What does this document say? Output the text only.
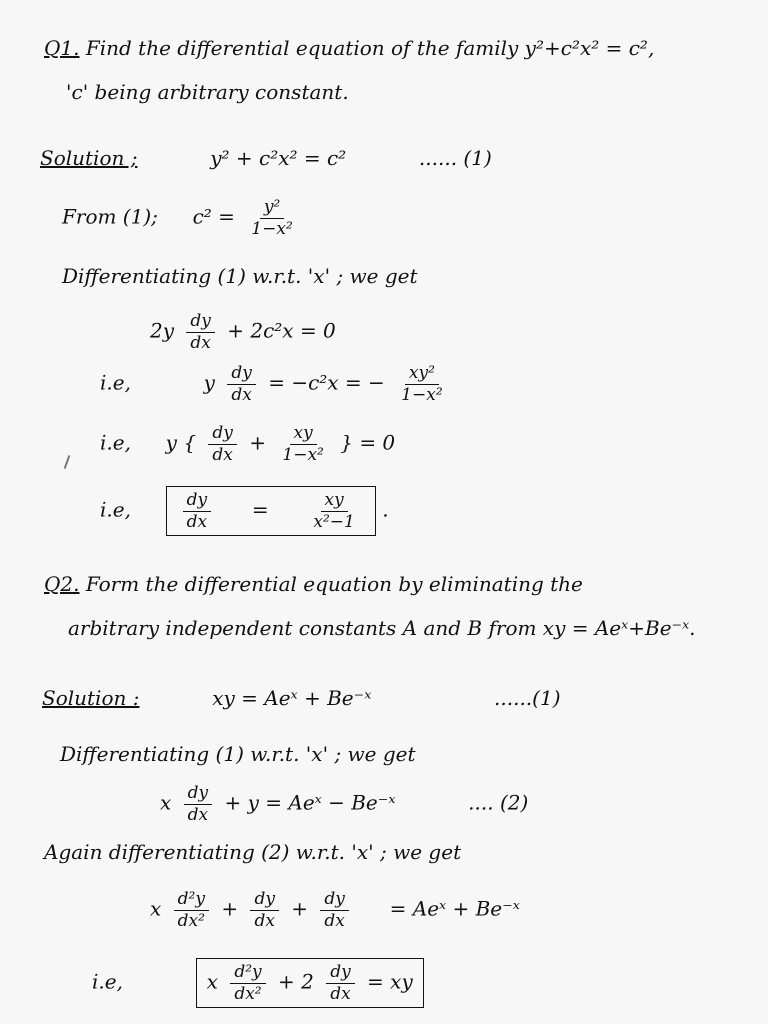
Q1. Find the differential equation of the family y²+c²x² = c²,
'c' being arbitrary constant.
Solution ;	y² + c²x² = c²	...... (1)
From (1); $c^2 = \frac{\text{y²}}{\text{1−x²}}$
Differentiating (1) w.r.t. 'x' ; we get
$2y \frac{dy}{dx} + 2c^2x = 0$
i.e,	y $\frac{dy}{dx} = -c^2x$ = − $\frac{\text{xy²}}{\text{1−x²}}$
i.e, y { $\frac{dy}{dx} + \frac{xy}{\text{1−x²}}$ } = 0
i.e,	$\frac{dy}{dx} = \frac{xy}{\text{x²−1}}$ .
Q2. Form the differential equation by eliminating the
arbitrary independent constants A and B from xy = Aeˣ+Be⁻ˣ.
Solution :	xy = Aeˣ + Be⁻ˣ	......(1)
Differentiating (1) w.r.t. 'x' ; we get
x $\frac{dy}{dx} + y$ = Aeˣ − Be⁻ˣ	.... (2)
Again differentiating (2) w.r.t. 'x' ; we get
x $\frac{\text{d²y}}{\text{dx²}} + \frac{dy}{dx} + \frac{dy}{dx}$ = Aeˣ + Be⁻ˣ
i.e,	x $\frac{\text{d²y}}{\text{dx²}} + 2 \frac{dy}{dx}$ = xy
